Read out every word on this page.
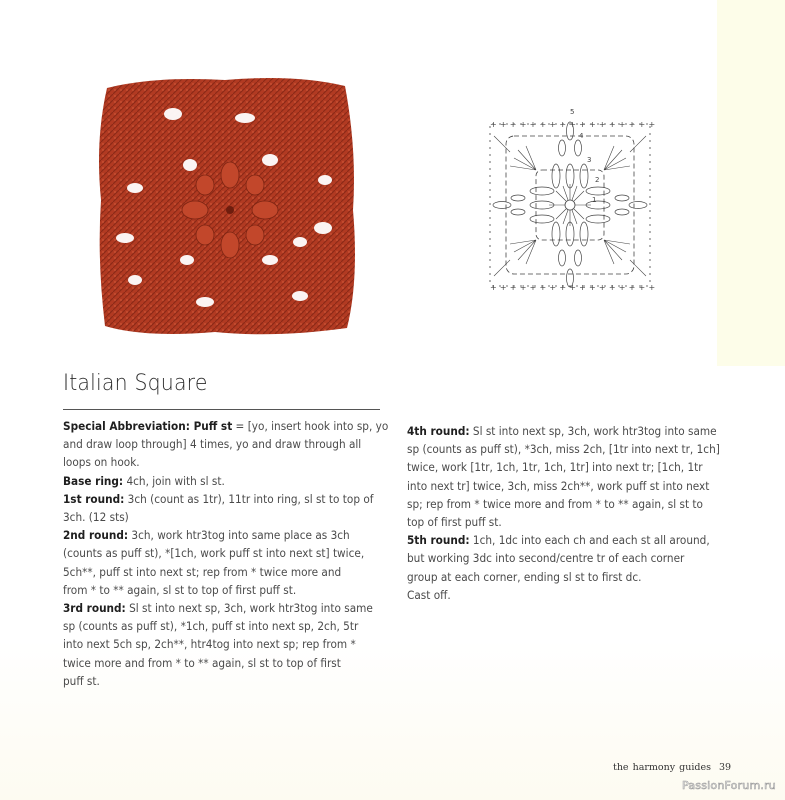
++++++++++++++++++
++++++++++++++++++
5
4
3
2
1
Italian Square
Special Abbreviation: Puff st = [yo, insert hook into sp, yo
and draw loop through] 4 times, yo and draw through all
loops on hook.
Base ring: 4ch, join with sl st.
1st round: 3ch (count as 1tr), 11tr into ring, sl st to top of
3ch. (12 sts)
2nd round: 3ch, work htr3tog into same place as 3ch
(counts as puff st), *[1ch, work puff st into next st] twice,
5ch**, puff st into next st; rep from * twice more and
from * to ** again, sl st to top of first puff st.
3rd round: Sl st into next sp, 3ch, work htr3tog into same
sp (counts as puff st), *1ch, puff st into next sp, 2ch, 5tr
into next 5ch sp, 2ch**, htr4tog into next sp; rep from *
twice more and from * to ** again, sl st to top of first
puff st.
4th round: Sl st into next sp, 3ch, work htr3tog into same
sp (counts as puff st), *3ch, miss 2ch, [1tr into next tr, 1ch]
twice, work [1tr, 1ch, 1tr, 1ch, 1tr] into next tr; [1ch, 1tr
into next tr] twice, 3ch, miss 2ch**, work puff st into next
sp; rep from * twice more and from * to ** again, sl st to
top of first puff st.
5th round: 1ch, 1dc into each ch and each st all around,
but working 3dc into second/centre tr of each corner
group at each corner, ending sl st to first dc.
Cast off.
the harmony guides 39
PassionForum.ru
